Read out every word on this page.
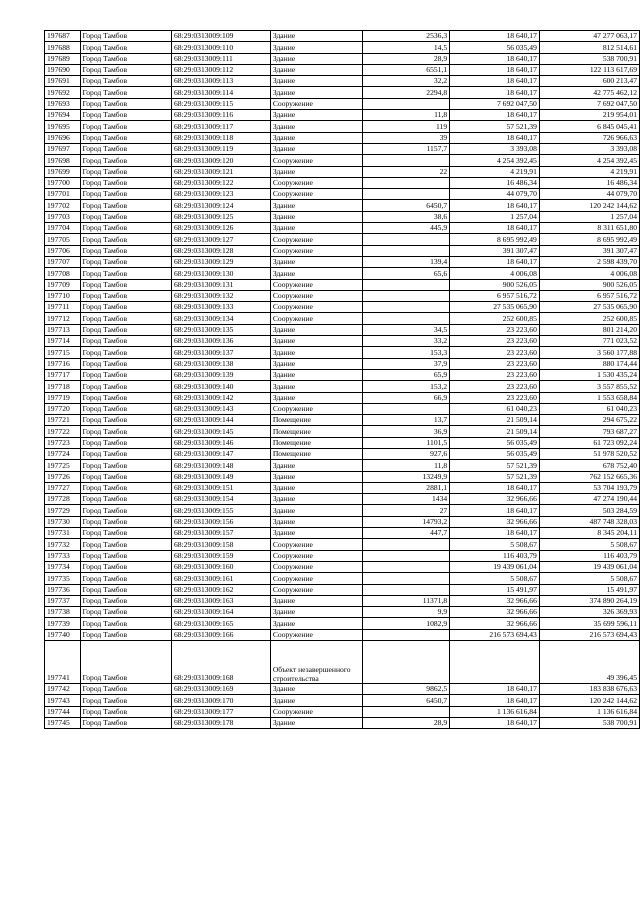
197687	Город Тамбов	68:29:0313009:109	Здание	2536,3	18 640,17	47 277 063,17
197688	Город Тамбов	68:29:0313009:110	Здание	14,5	56 035,49	812 514,61
197689	Город Тамбов	68:29:0313009:111	Здание	28,9	18 640,17	538 700,91
197690	Город Тамбов	68:29:0313009:112	Здание	6551,1	18 640,17	122 113 617,69
197691	Город Тамбов	68:29:0313009:113	Здание	32,2	18 640,17	600 213,47
197692	Город Тамбов	68:29:0313009:114	Здание	2294,8	18 640,17	42 775 462,12
197693	Город Тамбов	68:29:0313009:115	Сооружение		7 692 047,50	7 692 047,50
197694	Город Тамбов	68:29:0313009:116	Здание	11,8	18 640,17	219 954,01
197695	Город Тамбов	68:29:0313009:117	Здание	119	57 521,39	6 845 045,41
197696	Город Тамбов	68:29:0313009:118	Здание	39	18 640,17	726 966,63
197697	Город Тамбов	68:29:0313009:119	Здание	1157,7	3 393,08	3 393,08
197698	Город Тамбов	68:29:0313009:120	Сооружение		4 254 392,45	4 254 392,45
197699	Город Тамбов	68:29:0313009:121	Здание	22	4 219,91	4 219,91
197700	Город Тамбов	68:29:0313009:122	Сооружение		16 486,34	16 486,34
197701	Город Тамбов	68:29:0313009:123	Сооружение		44 079,70	44 079,70
197702	Город Тамбов	68:29:0313009:124	Здание	6450,7	18 640,17	120 242 144,62
197703	Город Тамбов	68:29:0313009:125	Здание	38,6	1 257,04	1 257,04
197704	Город Тамбов	68:29:0313009:126	Здание	445,9	18 640,17	8 311 651,80
197705	Город Тамбов	68:29:0313009:127	Сооружение		8 695 992,49	8 695 992,49
197706	Город Тамбов	68:29:0313009:128	Сооружение		391 307,47	391 307,47
197707	Город Тамбов	68:29:0313009:129	Здание	139,4	18 640,17	2 598 439,70
197708	Город Тамбов	68:29:0313009:130	Здание	65,6	4 006,08	4 006,08
197709	Город Тамбов	68:29:0313009:131	Сооружение		900 526,05	900 526,05
197710	Город Тамбов	68:29:0313009:132	Сооружение		6 957 516,72	6 957 516,72
197711	Город Тамбов	68:29:0313009:133	Сооружение		27 535 065,90	27 535 065,90
197712	Город Тамбов	68:29:0313009:134	Сооружение		252 600,85	252 600,85
197713	Город Тамбов	68:29:0313009:135	Здание	34,5	23 223,60	801 214,20
197714	Город Тамбов	68:29:0313009:136	Здание	33,2	23 223,60	771 023,52
197715	Город Тамбов	68:29:0313009:137	Здание	153,3	23 223,60	3 560 177,88
197716	Город Тамбов	68:29:0313009:138	Здание	37,9	23 223,60	880 174,44
197717	Город Тамбов	68:29:0313009:139	Здание	65,9	23 223,60	1 530 435,24
197718	Город Тамбов	68:29:0313009:140	Здание	153,2	23 223,60	3 557 855,52
197719	Город Тамбов	68:29:0313009:142	Здание	66,9	23 223,60	1 553 658,84
197720	Город Тамбов	68:29:0313009:143	Сооружение		61 040,23	61 040,23
197721	Город Тамбов	68:29:0313009:144	Помещение	13,7	21 509,14	294 675,22
197722	Город Тамбов	68:29:0313009:145	Помещение	36,9	21 509,14	793 687,27
197723	Город Тамбов	68:29:0313009:146	Помещение	1101,5	56 035,49	61 723 092,24
197724	Город Тамбов	68:29:0313009:147	Помещение	927,6	56 035,49	51 978 520,52
197725	Город Тамбов	68:29:0313009:148	Здание	11,8	57 521,39	678 752,40
197726	Город Тамбов	68:29:0313009:149	Здание	13249,9	57 521,39	762 152 665,36
197727	Город Тамбов	68:29:0313009:151	Здание	2881,1	18 640,17	53 704 193,79
197728	Город Тамбов	68:29:0313009:154	Здание	1434	32 966,66	47 274 190,44
197729	Город Тамбов	68:29:0313009:155	Здание	27	18 640,17	503 284,59
197730	Город Тамбов	68:29:0313009:156	Здание	14793,2	32 966,66	487 748 328,03
197731	Город Тамбов	68:29:0313009:157	Здание	447,7	18 640,17	8 345 204,11
197732	Город Тамбов	68:29:0313009:158	Сооружение		5 508,67	5 508,67
197733	Город Тамбов	68:29:0313009:159	Сооружение		116 403,79	116 403,79
197734	Город Тамбов	68:29:0313009:160	Сооружение		19 439 061,04	19 439 061,04
197735	Город Тамбов	68:29:0313009:161	Сооружение		5 508,67	5 508,67
197736	Город Тамбов	68:29:0313009:162	Сооружение		15 491,97	15 491,97
197737	Город Тамбов	68:29:0313009:163	Здание	11371,8	32 966,66	374 890 264,19
197738	Город Тамбов	68:29:0313009:164	Здание	9,9	32 966,66	326 369,93
197739	Город Тамбов	68:29:0313009:165	Здание	1082,9	32 966,66	35 699 596,11
197740	Город Тамбов	68:29:0313009:166	Сооружение		216 573 694,43	216 573 694,43
197741	Город Тамбов	68:29:0313009:168	Объект незавершенного строительства			49 396,45
197742	Город Тамбов	68:29:0313009:169	Здание	9862,5	18 640,17	183 838 676,63
197743	Город Тамбов	68:29:0313009:170	Здание	6450,7	18 640,17	120 242 144,62
197744	Город Тамбов	68:29:0313009:177	Сооружение		1 136 616,84	1 136 616,84
197745	Город Тамбов	68:29:0313009:178	Здание	28,9	18 640,17	538 700,91
